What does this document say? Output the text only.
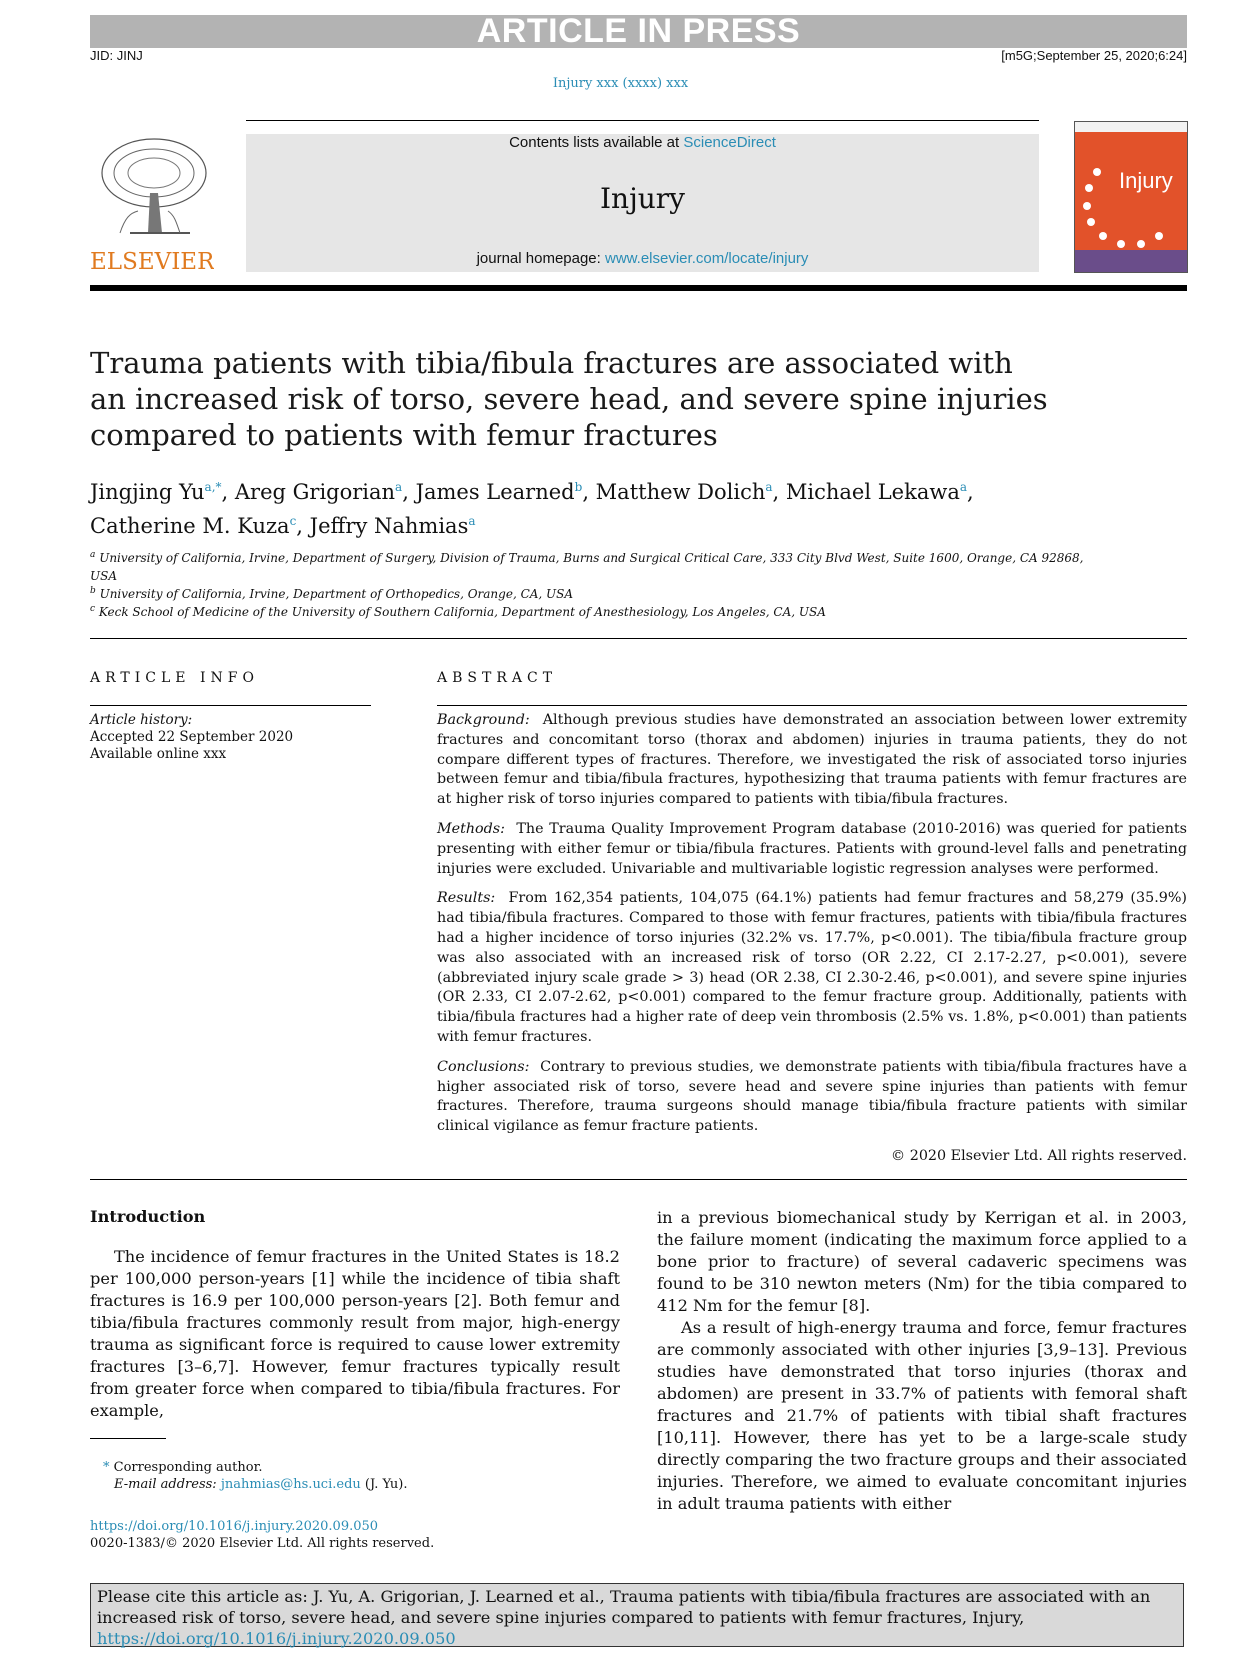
ARTICLE IN PRESS
JID: JINJ	[m5G;September 25, 2020;6:24]
Injury xxx (xxxx) xxx
ELSEVIER
Contents lists available at ScienceDirect
Injury
journal homepage: www.elsevier.com/locate/injury
Injury
Trauma patients with tibia/fibula fractures are associated with an increased risk of torso, severe head, and severe spine injuries compared to patients with femur fractures
Jingjing $Yu^{a,*}$, Areg Grigorian$^a$, James Learned$^b$, Matthew Dolich$^a$, Michael Lekawa$^a$,
Catherine M. Kuza$^c$, Jeffry Nahmias$^a$
$^a$ University of California, Irvine, Department of Surgery, Division of Trauma, Burns and Surgical Critical Care, 333 City Blvd West, Suite 1600, Orange, CA 92868, USA
$^b$ University of California, Irvine, Department of Orthopedics, Orange, CA, USA
$^c$ Keck School of Medicine of the University of Southern California, Department of Anesthesiology, Los Angeles, CA, USA
ARTICLE INFO
Article history:
Accepted 22 September 2020
Available online xxx
ABSTRACT

Background: Although previous studies have demonstrated an association between lower extremity fractures and concomitant torso (thorax and abdomen) injuries in trauma patients, they do not compare different types of fractures. Therefore, we investigated the risk of associated torso injuries between femur and tibia/fibula fractures, hypothesizing that trauma patients with femur fractures are at higher risk of torso injuries compared to patients with tibia/fibula fractures.

Methods: The Trauma Quality Improvement Program database (2010-2016) was queried for patients presenting with either femur or tibia/fibula fractures. Patients with ground-level falls and penetrating injuries were excluded. Univariable and multivariable logistic regression analyses were performed.

Results: From 162,354 patients, 104,075 (64.1%) patients had femur fractures and 58,279 (35.9%) had tibia/fibula fractures. Compared to those with femur fractures, patients with tibia/fibula fractures had a higher incidence of torso injuries (32.2% vs. 17.7%, p<0.001). The tibia/fibula fracture group was also associated with an increased risk of torso (OR 2.22, CI 2.17-2.27, p<0.001), severe (abbreviated injury scale grade > 3) head (OR 2.38, CI 2.30-2.46, p<0.001), and severe spine injuries (OR 2.33, CI 2.07-2.62, p<0.001) compared to the femur fracture group. Additionally, patients with tibia/fibula fractures had a higher rate of deep vein thrombosis (2.5% vs. 1.8%, p<0.001) than patients with femur fractures.

Conclusions: Contrary to previous studies, we demonstrate patients with tibia/fibula fractures have a higher associated risk of torso, severe head and severe spine injuries than patients with femur fractures. Therefore, trauma surgeons should manage tibia/fibula fracture patients with similar clinical vigilance as femur fracture patients.

© 2020 Elsevier Ltd. All rights reserved.

Introduction

The incidence of femur fractures in the United States is 18.2 per 100,000 person-years [1] while the incidence of tibia shaft fractures is 16.9 per 100,000 person-years [2]. Both femur and tibia/fibula fractures commonly result from major, high-energy trauma as significant force is required to cause lower extremity fractures [3–6,7]. However, femur fractures typically result from greater force when compared to tibia/fibula fractures. For example,

in a previous biomechanical study by Kerrigan et al. in 2003, the failure moment (indicating the maximum force applied to a bone prior to fracture) of several cadaveric specimens was found to be 310 newton meters (Nm) for the tibia compared to 412 Nm for the femur [8].

As a result of high-energy trauma and force, femur fractures are commonly associated with other injuries [3,9–13]. Previous studies have demonstrated that torso injuries (thorax and abdomen) are present in 33.7% of patients with femoral shaft fractures and 21.7% of patients with tibial shaft fractures [10,11]. However, there has yet to be a large-scale study directly comparing the two fracture groups and their associated injuries. Therefore, we aimed to evaluate concomitant injuries in adult trauma patients with either

* Corresponding author.
E-mail address: jnahmias@hs.uci.edu (J. Yu).
https://doi.org/10.1016/j.injury.2020.09.050
0020-1383/© 2020 Elsevier Ltd. All rights reserved.
Please cite this article as: J. Yu, A. Grigorian, J. Learned et al., Trauma patients with tibia/fibula fractures are associated with an increased risk of torso, severe head, and severe spine injuries compared to patients with femur fractures, Injury, https://doi.org/10.1016/j.injury.2020.09.050
